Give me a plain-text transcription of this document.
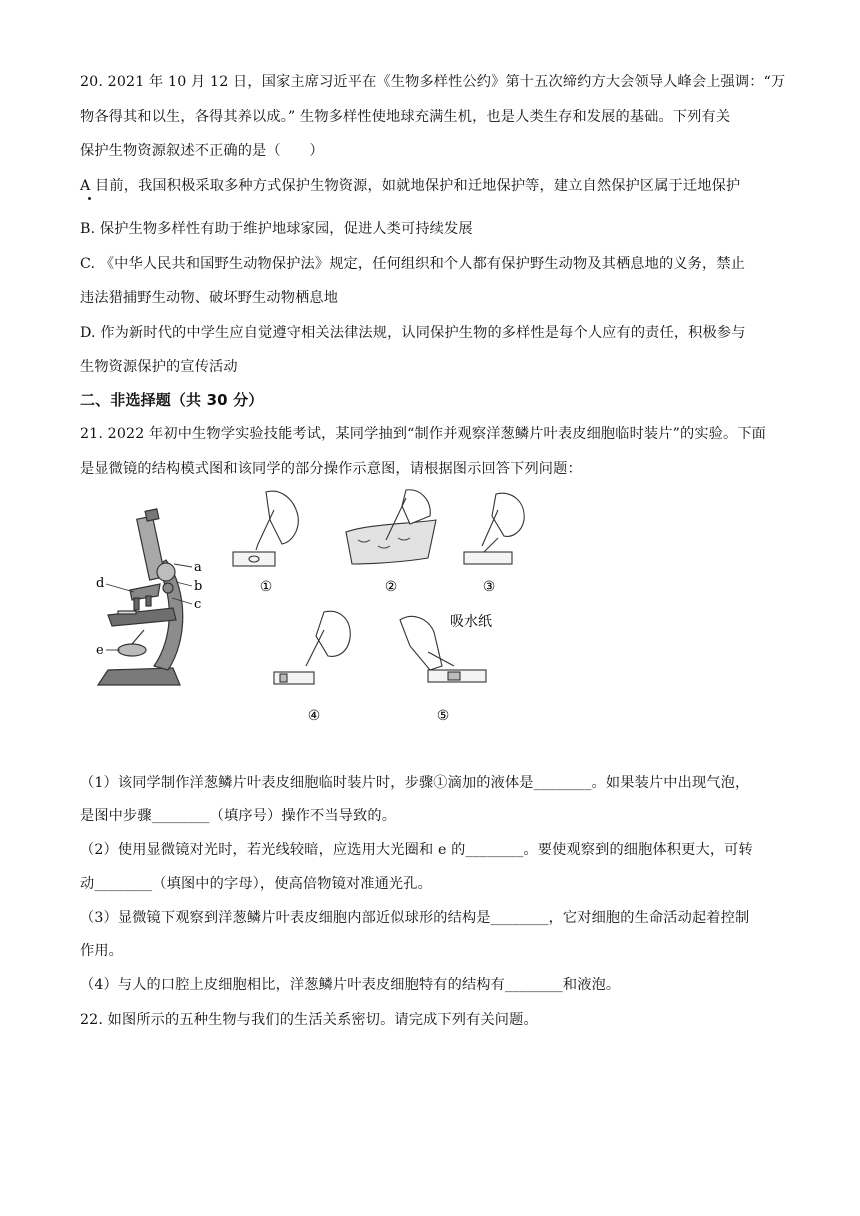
20. 2021 年 10 月 12 日，国家主席习近平在《生物多样性公约》第十五次缔约方大会领导人峰会上强调：“万
物各得其和以生，各得其养以成。” 生物多样性使地球充满生机，也是人类生存和发展的基础。下列有关
保护生物资源叙述不正确的是（　　）
A 目前，我国积极采取多种方式保护生物资源，如就地保护和迁地保护等，建立自然保护区属于迁地保护
B. 保护生物多样性有助于维护地球家园，促进人类可持续发展
C. 《中华人民共和国野生动物保护法》规定，任何组织和个人都有保护野生动物及其栖息地的义务，禁止
违法猎捕野生动物、破坏野生动物栖息地
D. 作为新时代的中学生应自觉遵守相关法律法规，认同保护生物的多样性是每个人应有的责任，积极参与
生物资源保护的宣传活动
二、非选择题（共 30 分）
21. 2022 年初中生物学实验技能考试，某同学抽到“制作并观察洋葱鳞片叶表皮细胞临时装片”的实验。下面
是显微镜的结构模式图和该同学的部分操作示意图，请根据图示回答下列问题：
a
b
c
d
e
①	②	③
④
吸水纸
⑤
（1）该同学制作洋葱鳞片叶表皮细胞临时装片时，步骤①滴加的液体是________。如果装片中出现气泡，
是图中步骤________（填序号）操作不当导致的。
（2）使用显微镜对光时，若光线较暗，应选用大光圈和 e 的________。要使观察到的细胞体积更大，可转
动________（填图中的字母），使高倍物镜对准通光孔。
（3）显微镜下观察到洋葱鳞片叶表皮细胞内部近似球形的结构是________，它对细胞的生命活动起着控制
作用。
（4）与人的口腔上皮细胞相比，洋葱鳞片叶表皮细胞特有的结构有________和液泡。
22. 如图所示的五种生物与我们的生活关系密切。请完成下列有关问题。
